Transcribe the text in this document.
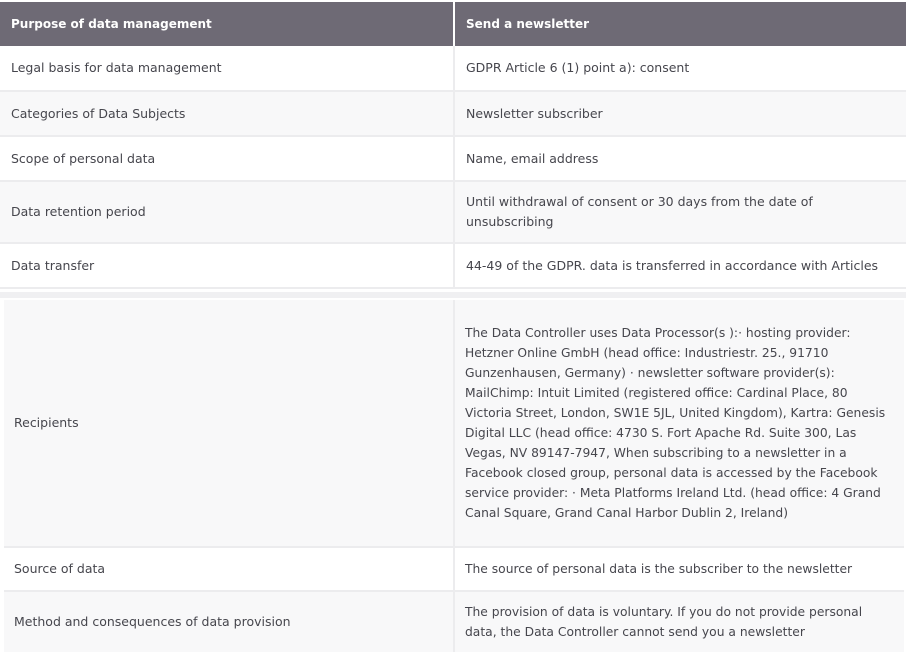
Purpose of data management	Send a newsletter
Legal basis for data management	GDPR Article 6 (1) point a): consent
Categories of Data Subjects	Newsletter subscriber
Scope of personal data	Name, email address
Data retention period	Until withdrawal of consent or 30 days from the date of unsubscribing
Data transfer	44-49 of the GDPR. data is transferred in accordance with Articles
Recipients	The Data Controller uses Data Processor(s ):· hosting provider: Hetzner Online GmbH (head office: Industriestr. 25., 91710 Gunzenhausen, Germany) · newsletter software provider(s): MailChimp: Intuit Limited (registered office: Cardinal Place, 80 Victoria Street, London, SW1E 5JL, United Kingdom), Kartra: Genesis Digital LLC (head office: 4730 S. Fort Apache Rd. Suite 300, Las Vegas, NV 89147-7947, When subscribing to a newsletter in a Facebook closed group, personal data is accessed by the Facebook service provider: · Meta Platforms Ireland Ltd. (head office: 4 Grand Canal Square, Grand Canal Harbor Dublin 2, Ireland)
Source of data	The source of personal data is the subscriber to the newsletter
Method and consequences of data provision	The provision of data is voluntary. If you do not provide personal data, the Data Controller cannot send you a newsletter
